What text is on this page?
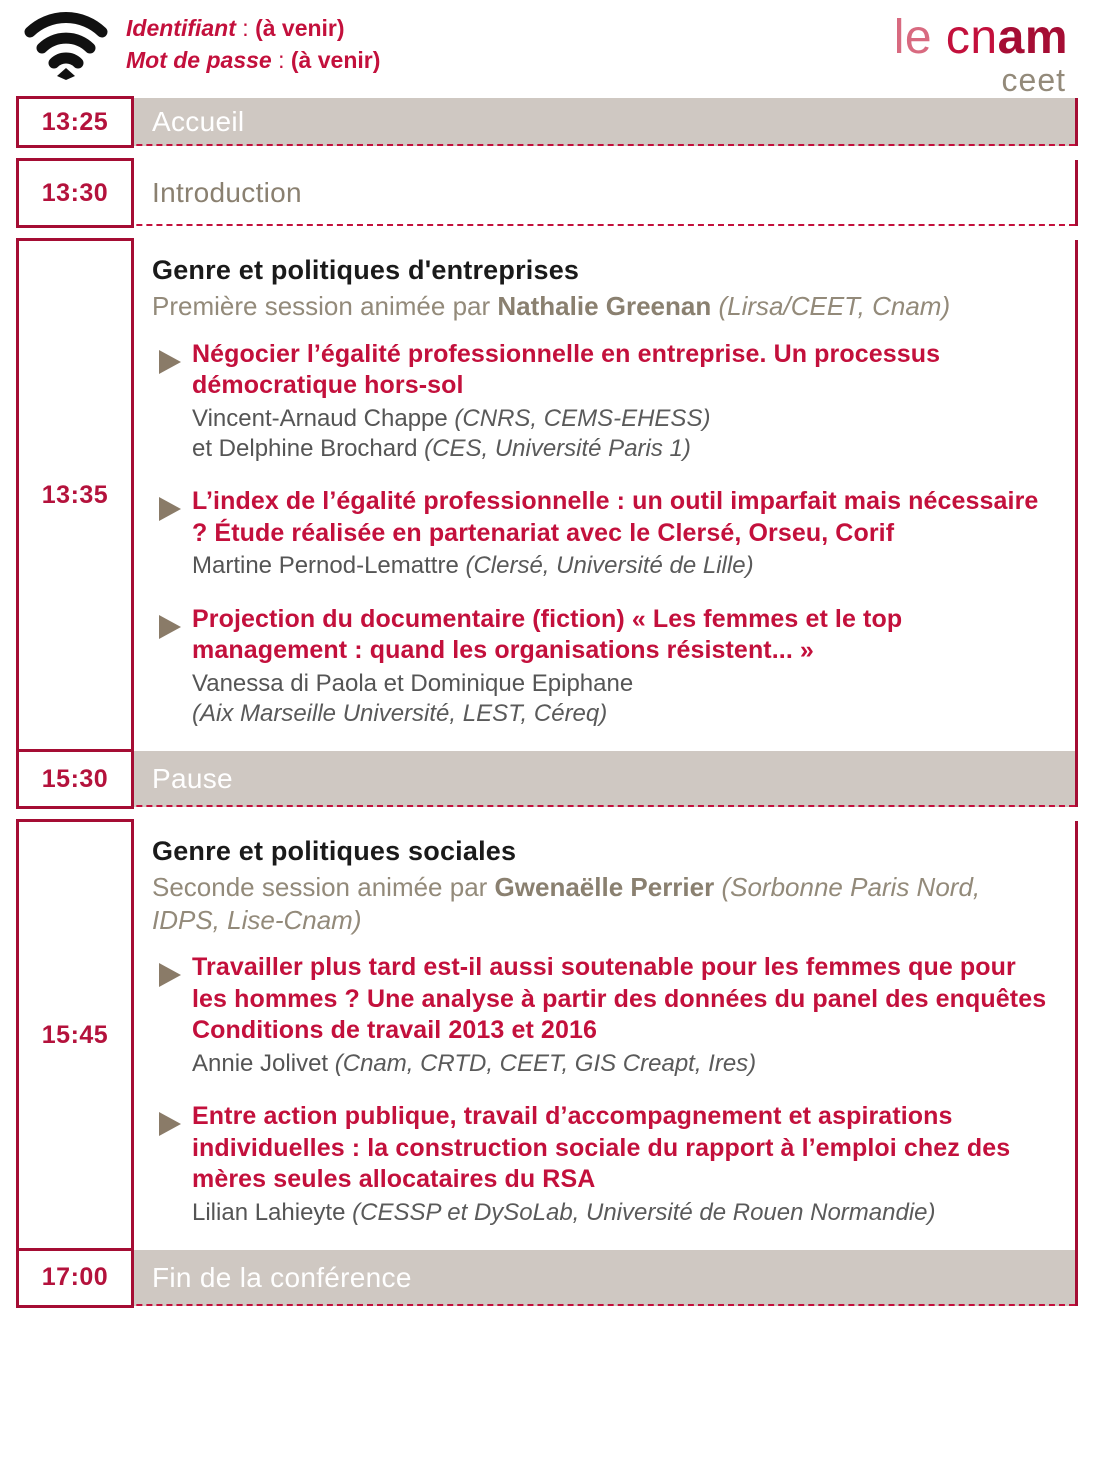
Identifiant : (à venir)
Mot de passe : (à venir)	le cnam
ceet
13:25 Accueil
13:30 Introduction
13:35
Genre et politiques d'entreprises

Première session animée par Nathalie Greenan (Lirsa/CEET, Cnam)

Négocier l’égalité professionnelle en entreprise. Un processus démocratique hors-sol

Vincent-Arnaud Chappe (CNRS, CEMS-EHESS)
et Delphine Brochard (CES, Université Paris 1)

L’index de l’égalité professionnelle : un outil imparfait mais nécessaire ? Étude réalisée en partenariat avec le Clersé, Orseu, Corif

Martine Pernod-Lemattre (Clersé, Université de Lille)

Projection du documentaire (fiction) « Les femmes et le top management : quand les organisations résistent... »

Vanessa di Paola et Dominique Epiphane
(Aix Marseille Université, LEST, Céreq)

15:30 Pause
15:45
Genre et politiques sociales

Seconde session animée par Gwenaëlle Perrier (Sorbonne Paris Nord, IDPS, Lise-Cnam)

Travailler plus tard est-il aussi soutenable pour les femmes que pour les hommes ? Une analyse à partir des données du panel des enquêtes Conditions de travail 2013 et 2016

Annie Jolivet (Cnam, CRTD, CEET, GIS Creapt, Ires)

Entre action publique, travail d’accompagnement et aspirations individuelles : la construction sociale du rapport à l’emploi chez des mères seules allocataires du RSA

Lilian Lahieyte (CESSP et DySoLab, Université de Rouen Normandie)

17:00 Fin de la conférence
